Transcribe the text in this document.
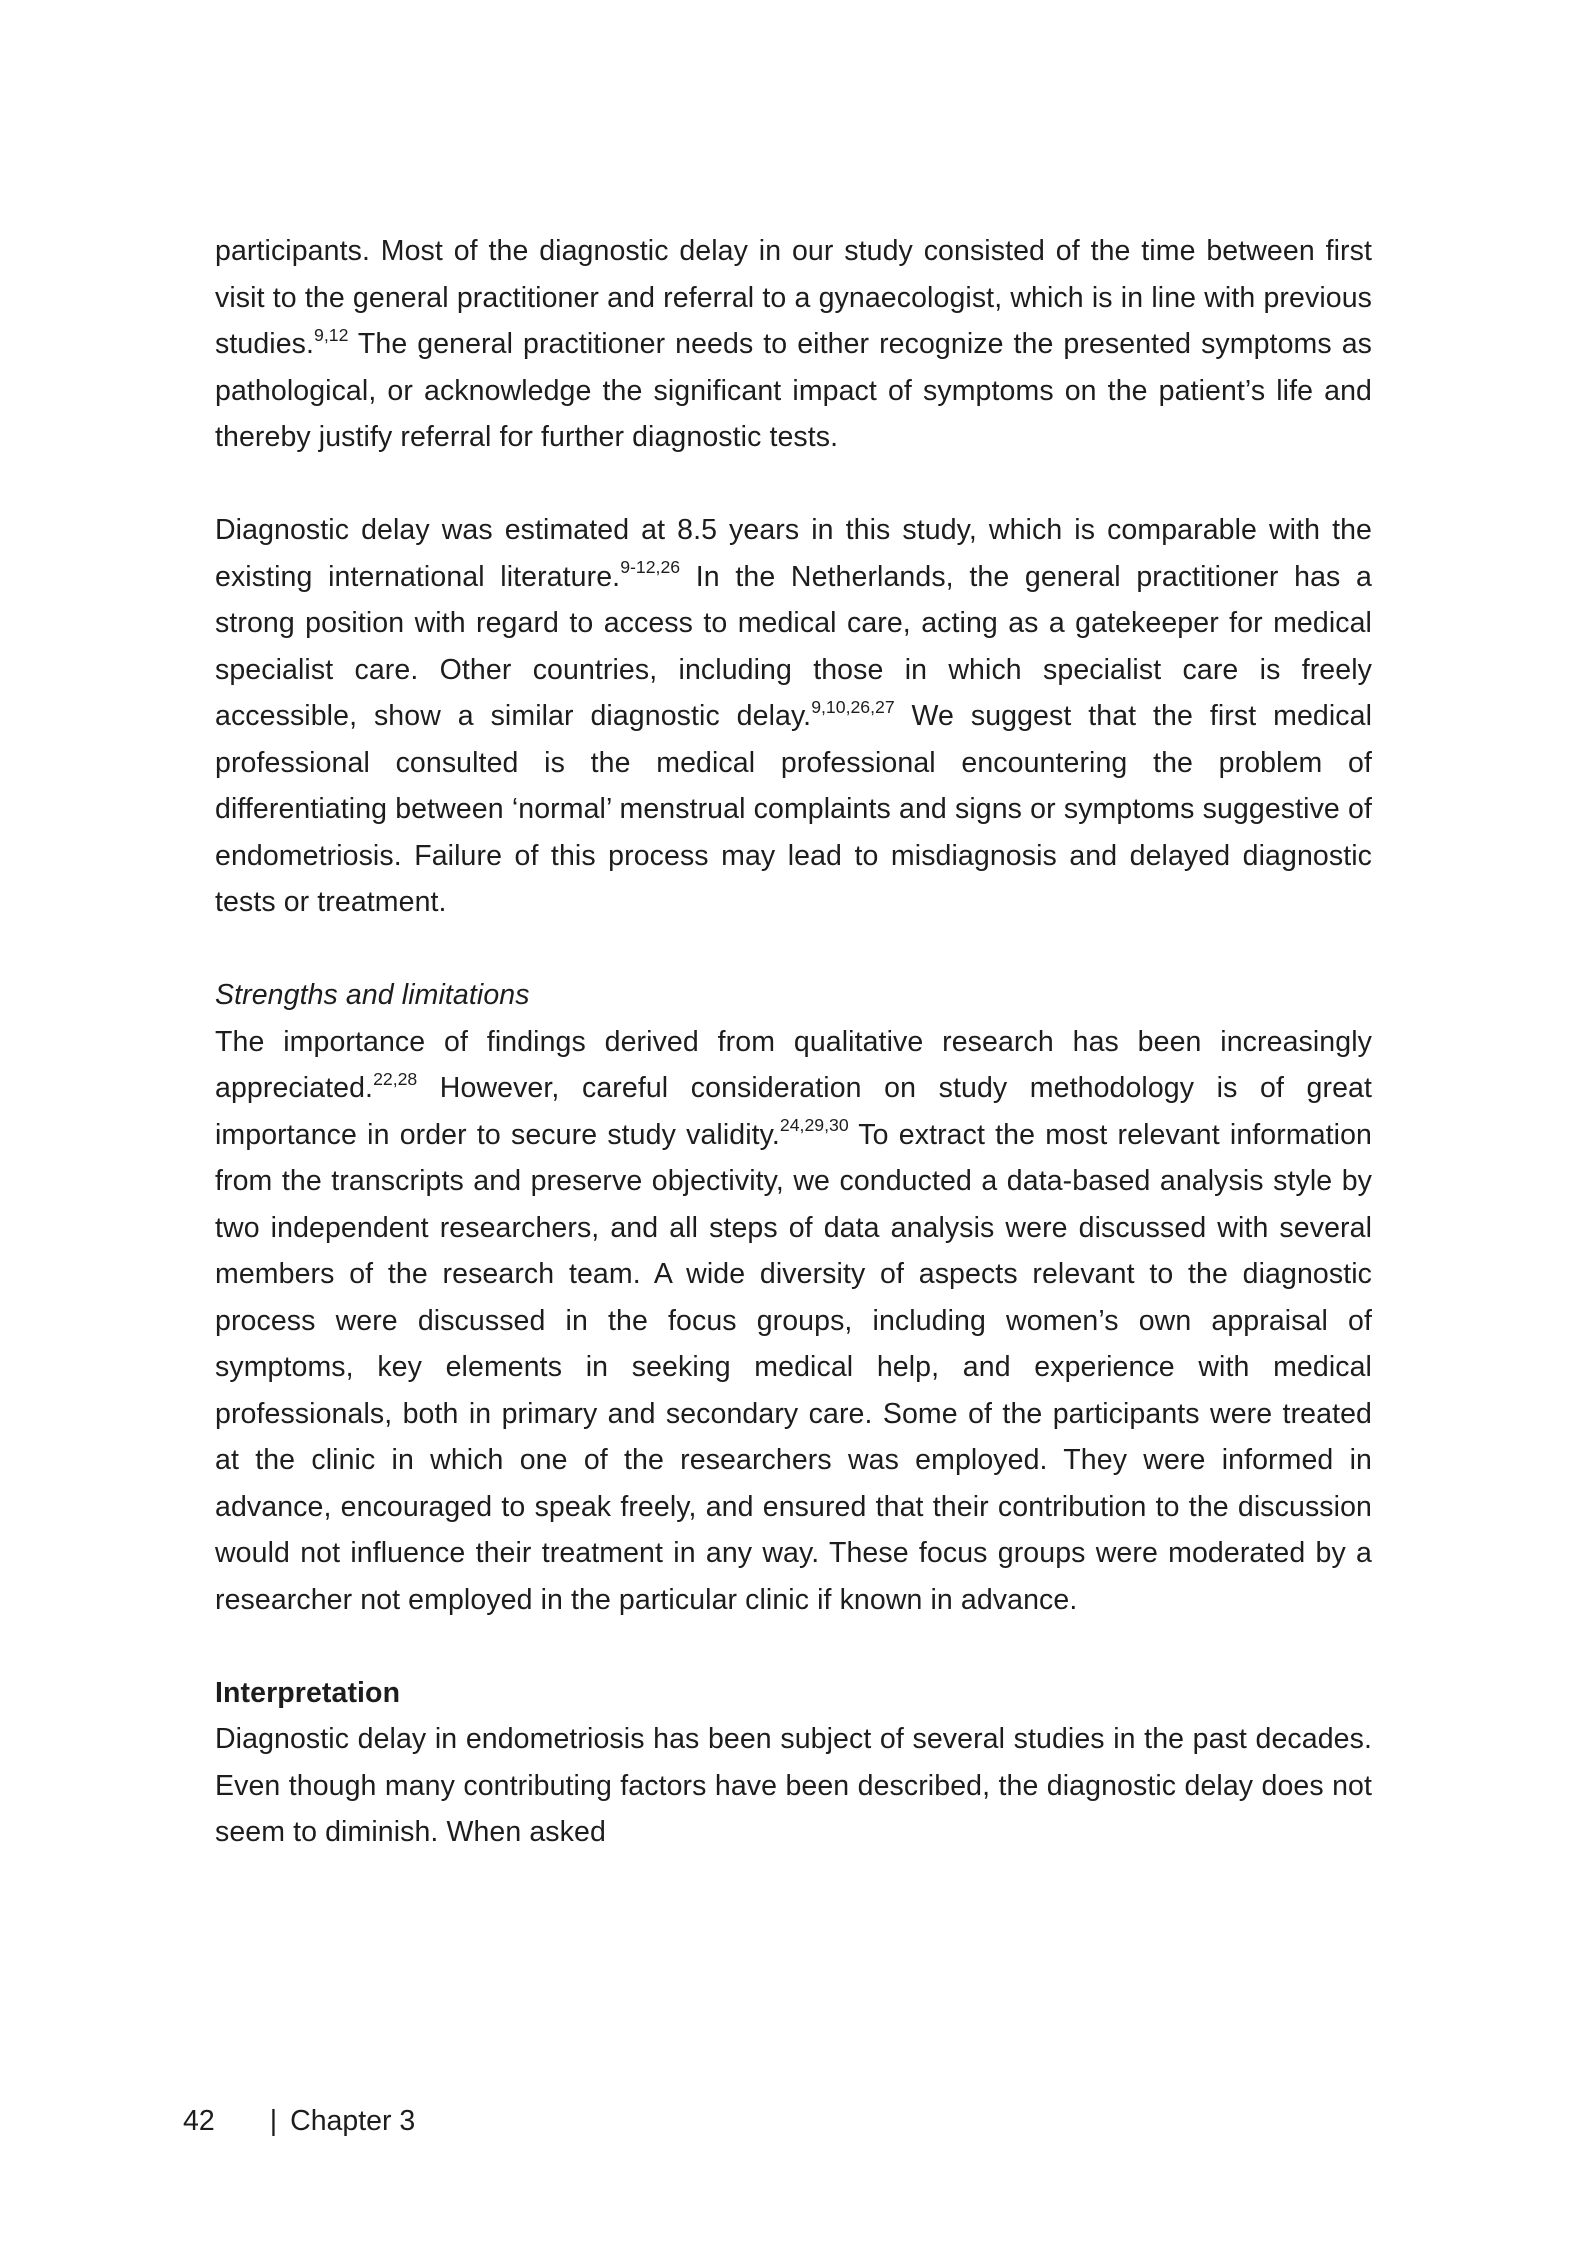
participants. Most of the diagnostic delay in our study consisted of the time between first visit to the general practitioner and referral to a gynaecologist, which is in line with previous studies.$^{9,12}$ The general practitioner needs to either recognize the presented symptoms as pathological, or acknowledge the significant impact of symptoms on the patient’s life and thereby justify referral for further diagnostic tests.

Diagnostic delay was estimated at 8.5 years in this study, which is comparable with the existing international literature.$^{9-12,26}$ In the Netherlands, the general practitioner has a strong position with regard to access to medical care, acting as a gatekeeper for medical specialist care. Other countries, including those in which specialist care is freely accessible, show a similar diagnostic delay.$^{9,10,26,27}$ We suggest that the first medical professional consulted is the medical professional encountering the problem of differentiating between ‘normal’ menstrual complaints and signs or symptoms suggestive of endometriosis. Failure of this process may lead to misdiagnosis and delayed diagnostic tests or treatment.

Strengths and limitations

The importance of findings derived from qualitative research has been increasingly appreciated.$^{22,28}$ However, careful consideration on study methodology is of great importance in order to secure study validity.$^{24,29,30}$ To extract the most relevant information from the transcripts and preserve objectivity, we conducted a data-based analysis style by two independent researchers, and all steps of data analysis were discussed with several members of the research team. A wide diversity of aspects relevant to the diagnostic process were discussed in the focus groups, including women’s own appraisal of symptoms, key elements in seeking medical help, and experience with medical professionals, both in primary and secondary care. Some of the participants were treated at the clinic in which one of the researchers was employed. They were informed in advance, encouraged to speak freely, and ensured that their contribution to the discussion would not influence their treatment in any way. These focus groups were moderated by a researcher not employed in the particular clinic if known in advance.

Interpretation

Diagnostic delay in endometriosis has been subject of several studies in the past decades. Even though many contributing factors have been described, the diagnostic delay does not seem to diminish. When asked

42 | Chapter 3
